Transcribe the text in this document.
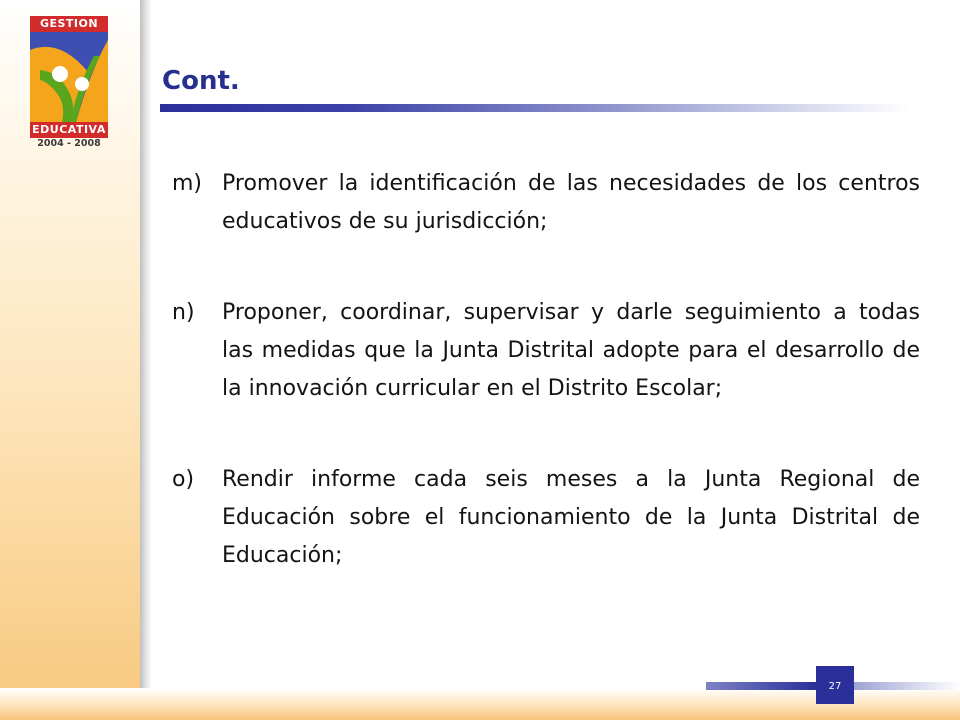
GESTION
EDUCATIVA
2004 - 2008
Cont.
m) Promover la identificación de las necesidades de los centros educativos de su jurisdicción;
n) Proponer, coordinar, supervisar y darle seguimiento a todas las medidas que la Junta Distrital adopte para el desarrollo de la innovación curricular en el Distrito Escolar;
o) Rendir informe cada seis meses a la Junta Regional de Educación sobre el funcionamiento de la Junta Distrital de Educación;
27
